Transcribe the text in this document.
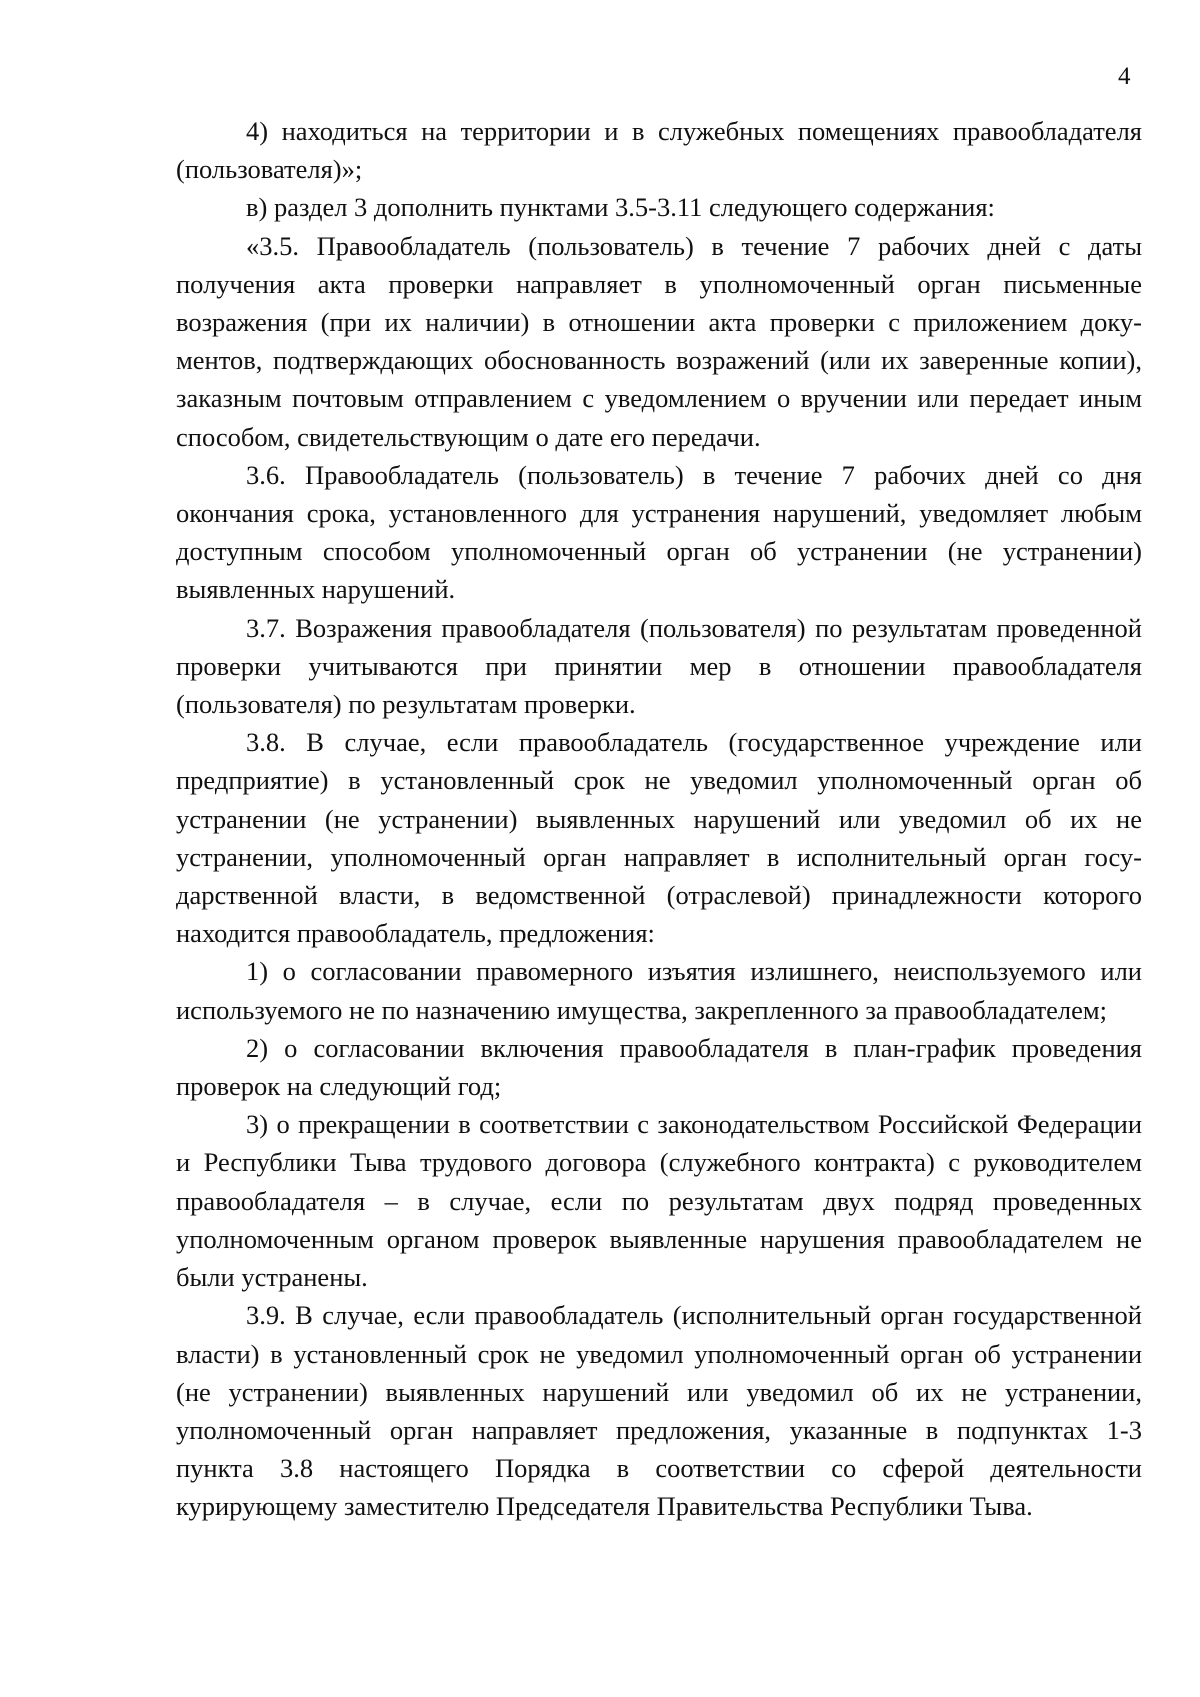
4

4) находиться на территории и в служебных помещениях правообладателя (пользователя)»;

в) раздел 3 дополнить пунктами 3.5-3.11 следующего содержания:

«3.5. Правообладатель (пользователь) в течение 7 рабочих дней с даты получения акта проверки направляет в уполномоченный орган письменные возражения (при их наличии) в отношении акта проверки с приложением документов, подтверждающих обоснованность возражений (или их заверенные копии), заказным почтовым отправлением с уведомлением о вручении или передает иным способом, свидетельствующим о дате его передачи.

3.6. Правообладатель (пользователь) в течение 7 рабочих дней со дня окончания срока, установленного для устранения нарушений, уведомляет любым доступным способом уполномоченный орган об устранении (не устранении) выявленных нарушений.

3.7. Возражения правообладателя (пользователя) по результатам проведенной проверки учитываются при принятии мер в отношении правообладателя (пользователя) по результатам проверки.

3.8. В случае, если правообладатель (государственное учреждение или предприятие) в установленный срок не уведомил уполномоченный орган об устранении (не устранении) выявленных нарушений или уведомил об их не устранении, уполномоченный орган направляет в исполнительный орган государственной власти, в ведомственной (отраслевой) принадлежности которого находится правообладатель, предложения:

1) о согласовании правомерного изъятия излишнего, неиспользуемого или используемого не по назначению имущества, закрепленного за правообладателем;

2) о согласовании включения правообладателя в план-график проведения проверок на следующий год;

3) о прекращении в соответствии с законодательством Российской Федерации и Республики Тыва трудового договора (служебного контракта) с руководителем правообладателя – в случае, если по результатам двух подряд проведенных уполномоченным органом проверок выявленные нарушения правообладателем не были устранены.

3.9. В случае, если правообладатель (исполнительный орган государственной власти) в установленный срок не уведомил уполномоченный орган об устранении (не устранении) выявленных нарушений или уведомил об их не устранении, уполномоченный орган направляет предложения, указанные в подпунктах 1-3 пункта 3.8 настоящего Порядка в соответствии со сферой деятельности курирующему заместителю Председателя Правительства Республики Тыва.
